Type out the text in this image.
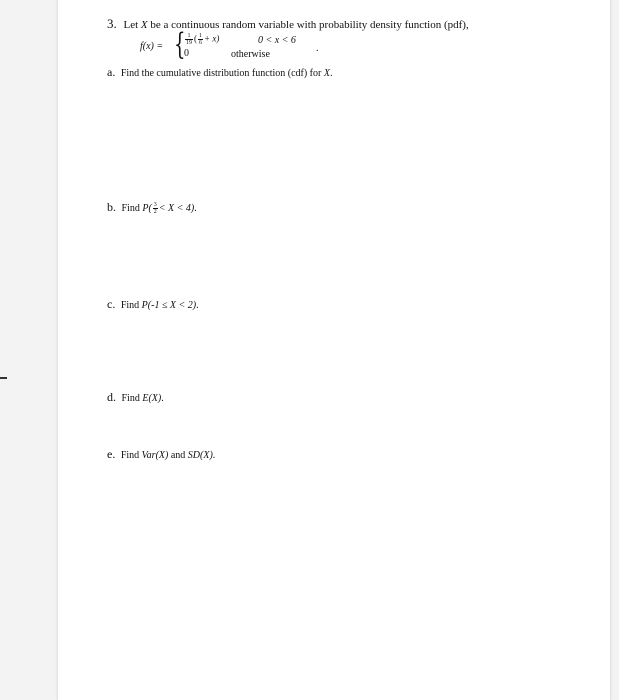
3. Let X be a continuous random variable with probability density function (pdf),
f(x) = { $\frac{1}{19}$ ( $\frac{1}{6} + x$)	0 < x < 6
0	otherwise
.
a. Find the cumulative distribution function (cdf) for X.
b. Find $P( \frac{3}{2} < X < 4)$.
c. Find P(-1 ≤ X < 2).
d. Find E(X).
e. Find Var(X) and SD(X).
